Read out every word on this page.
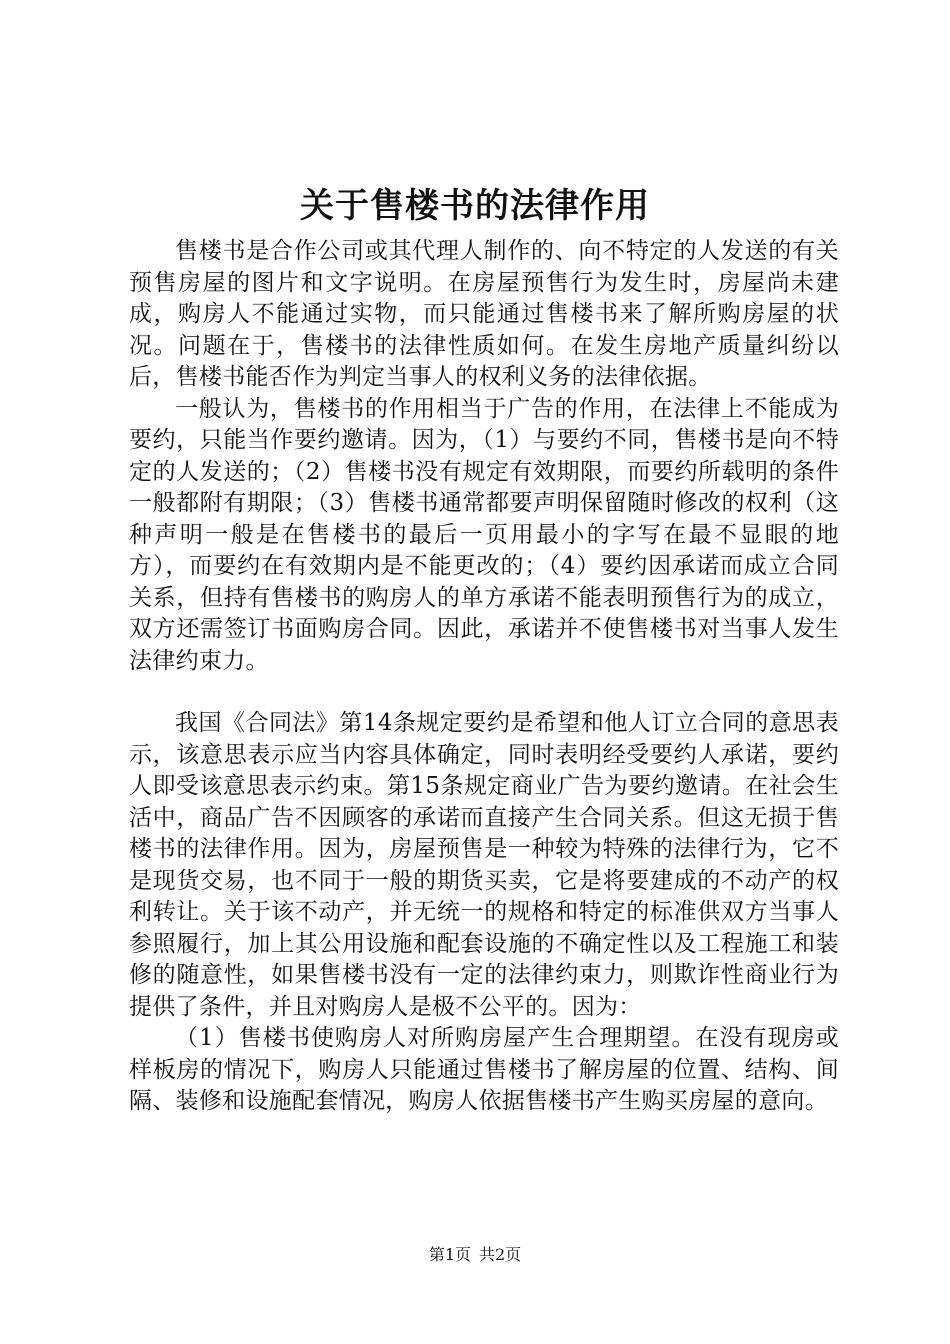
关于售楼书的法律作用

售楼书是合作公司或其代理人制作的、向不特定的人发送的有关预售房屋的图片和文字说明。在房屋预售行为发生时，房屋尚未建成，购房人不能通过实物，而只能通过售楼书来了解所购房屋的状况。问题在于，售楼书的法律性质如何。在发生房地产质量纠纷以后，售楼书能否作为判定当事人的权利义务的法律依据。

一般认为，售楼书的作用相当于广告的作用，在法律上不能成为要约，只能当作要约邀请。因为，（1）与要约不同，售楼书是向不特定的人发送的；（2）售楼书没有规定有效期限，而要约所载明的条件一般都附有期限；（3）售楼书通常都要声明保留随时修改的权利（这种声明一般是在售楼书的最后一页用最小的字写在最不显眼的地方），而要约在有效期内是不能更改的；（4）要约因承诺而成立合同关系，但持有售楼书的购房人的单方承诺不能表明预售行为的成立，双方还需签订书面购房合同。因此，承诺并不使售楼书对当事人发生法律约束力。

我国《合同法》第14条规定要约是希望和他人订立合同的意思表示，该意思表示应当内容具体确定，同时表明经受要约人承诺，要约人即受该意思表示约束。第15条规定商业广告为要约邀请。在社会生活中，商品广告不因顾客的承诺而直接产生合同关系。但这无损于售楼书的法律作用。因为，房屋预售是一种较为特殊的法律行为，它不是现货交易，也不同于一般的期货买卖，它是将要建成的不动产的权利转让。关于该不动产，并无统一的规格和特定的标准供双方当事人参照履行，加上其公用设施和配套设施的不确定性以及工程施工和装修的随意性，如果售楼书没有一定的法律约束力，则欺诈性商业行为提供了条件，并且对购房人是极不公平的。因为：

（1）售楼书使购房人对所购房屋产生合理期望。在没有现房或样板房的情况下，购房人只能通过售楼书了解房屋的位置、结构、间隔、装修和设施配套情况，购房人依据售楼书产生购买房屋的意向。

第1页 共2页
